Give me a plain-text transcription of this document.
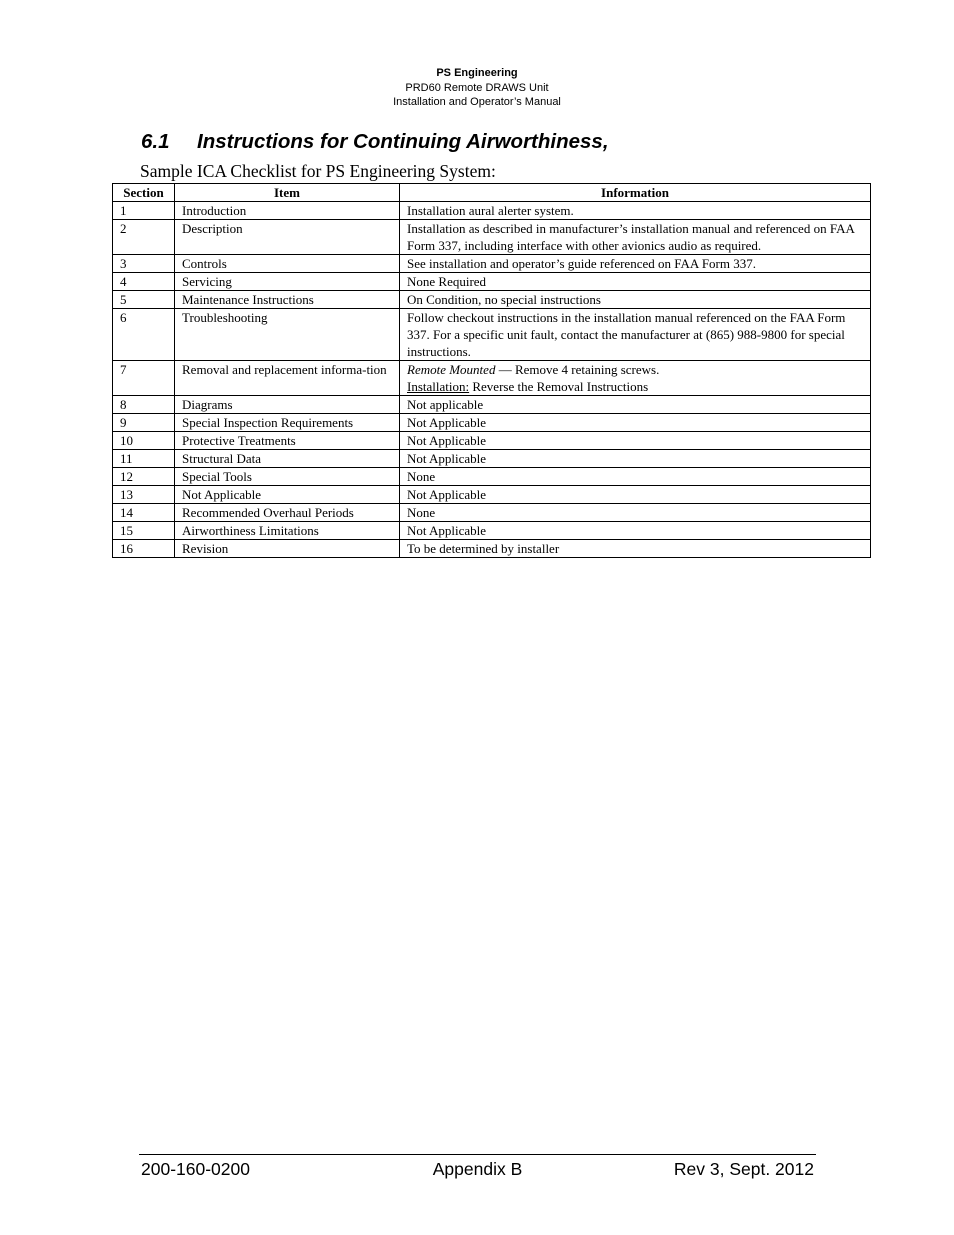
PS Engineering
PRD60 Remote DRAWS Unit
Installation and Operator’s Manual
6.1 Instructions for Continuing Airworthiness,
Sample ICA Checklist for PS Engineering System:
Section	Item	Information
1	Introduction	Installation aural alerter system.
2	Description	Installation as described in manufacturer’s installation manual and referenced on FAA Form 337, including interface with other avionics audio as required.
3	Controls	See installation and operator’s guide referenced on FAA Form 337.
4	Servicing	None Required
5	Maintenance Instructions	On Condition, no special instructions
6	Troubleshooting	Follow checkout instructions in the installation manual referenced on the FAA Form 337. For a specific unit fault, contact the manufacturer at (865) 988-9800 for special instructions.
7	Removal and replacement informa-tion	Remote Mounted — Remove 4 retaining screws.
Installation: Reverse the Removal Instructions

8	Diagrams	Not applicable
9	Special Inspection Requirements	Not Applicable
10	Protective Treatments	Not Applicable
11	Structural Data	Not Applicable
12	Special Tools	None
13	Not Applicable	Not Applicable
14	Recommended Overhaul Periods	None
15	Airworthiness Limitations	Not Applicable
16	Revision	To be determined by installer
200-160-0200	Appendix B	Rev 3, Sept. 2012
